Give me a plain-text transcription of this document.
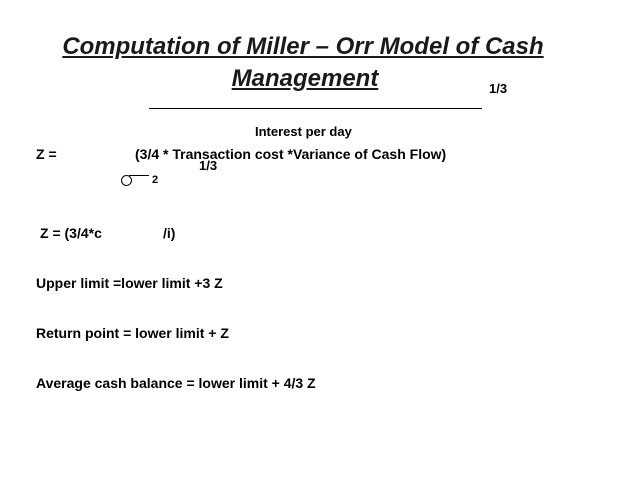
Computation of Miller – Orr Model of Cash
Management	1/3
Interest per day
Z =	(3/4 * Transaction cost *Variance of Cash Flow)
1/3
2
Z = (3/4*c	/i)
Upper limit =lower limit +3 Z
Return point = lower limit + Z
Average cash balance = lower limit + 4/3 Z
